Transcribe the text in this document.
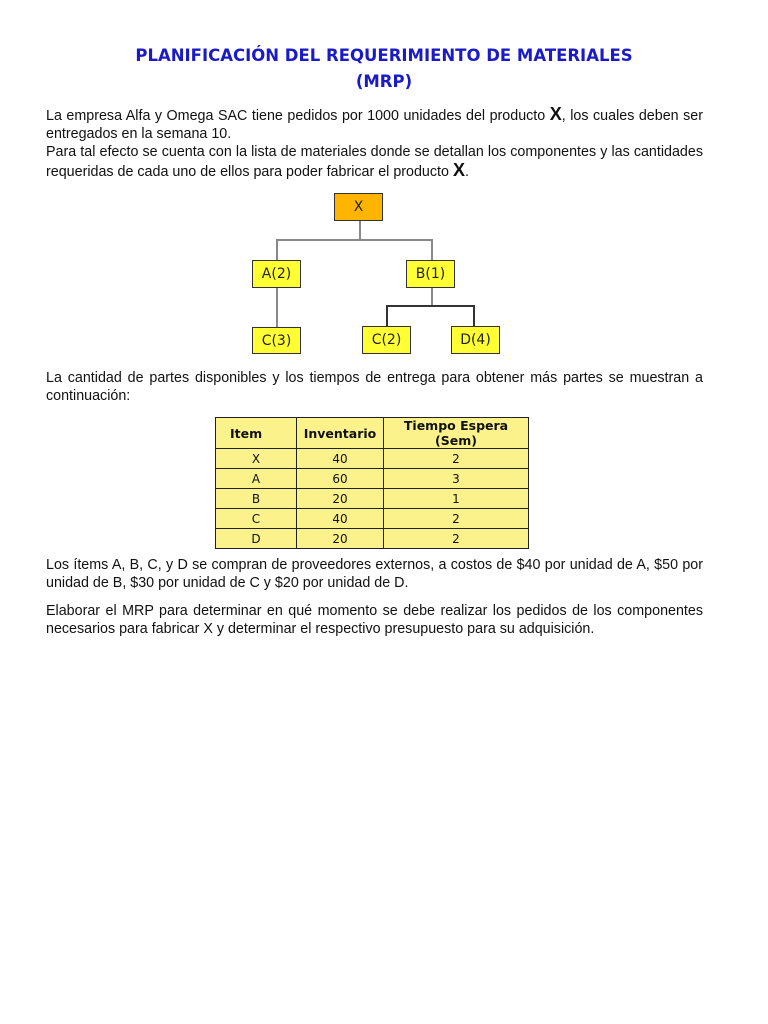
PLANIFICACIÓN DEL REQUERIMIENTO DE MATERIALES
(MRP)
La empresa Alfa y Omega SAC tiene pedidos por 1000 unidades del producto X, los cuales deben ser entregados en la semana 10.
Para tal efecto se cuenta con la lista de materiales donde se detallan los componentes y las cantidades requeridas de cada uno de ellos para poder fabricar el producto X.
X
A(2)	B(1)
C(3)	C(2)	D(4)
La cantidad de partes disponibles y los tiempos de entrega para obtener más partes se muestran a continuación:
Item	Inventario	Tiempo Espera (Sem)
X	40	2
A	60	3
B	20	1
C	40	2
D	20	2
Los ítems A, B, C, y D se compran de proveedores externos, a costos de $40 por unidad de A, $50 por unidad de B, $30 por unidad de C y $20 por unidad de D.
Elaborar el MRP para determinar en qué momento se debe realizar los pedidos de los componentes necesarios para fabricar X y determinar el respectivo presupuesto para su adquisición.
